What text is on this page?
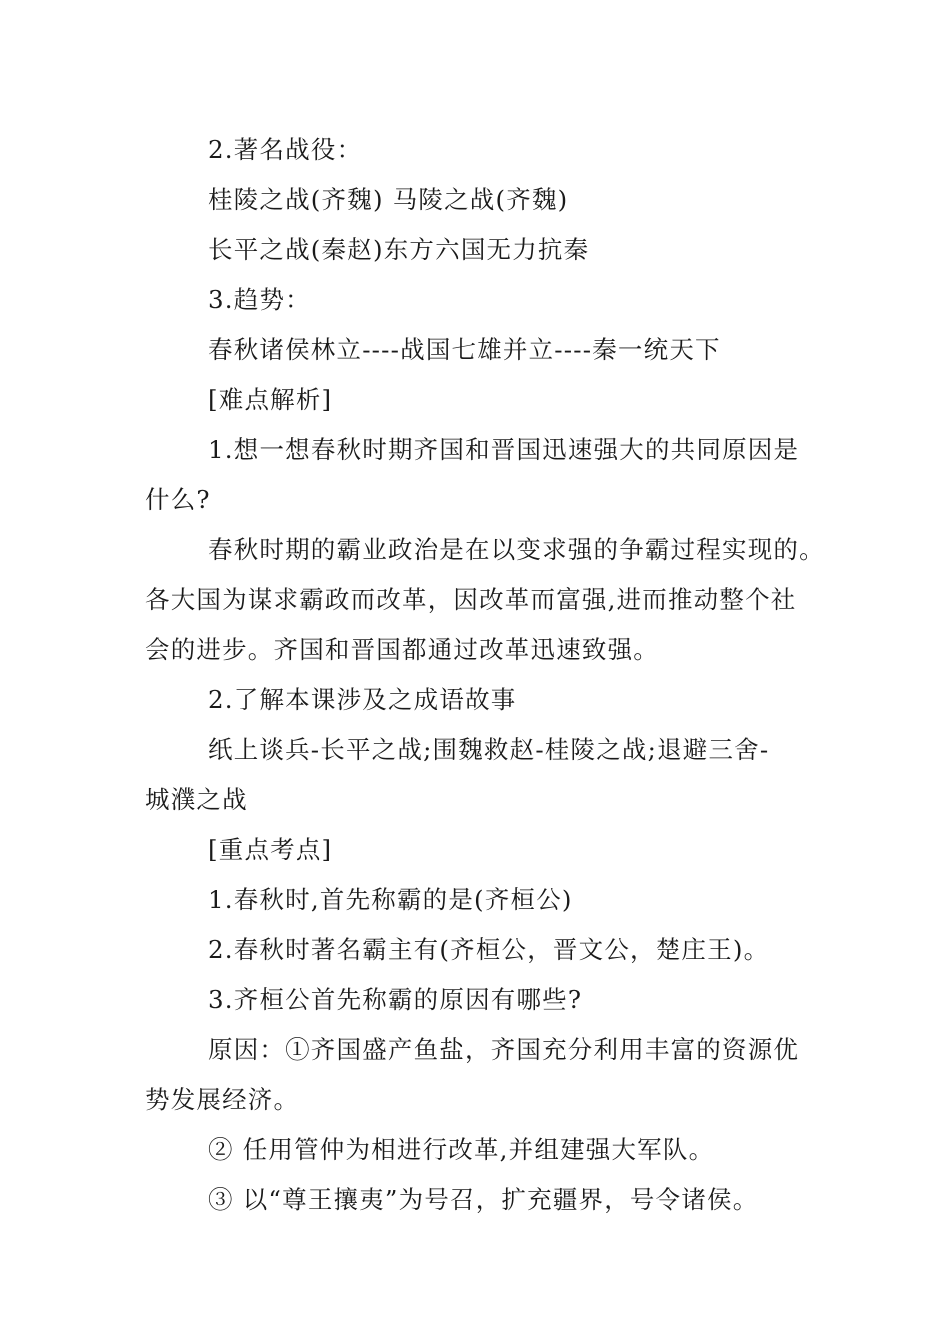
2.著名战役：
桂陵之战(齐魏) 马陵之战(齐魏)
长平之战(秦赵)东方六国无力抗秦
3.趋势：
春秋诸侯林立----战国七雄并立----秦一统天下
[难点解析]
1.想一想春秋时期齐国和晋国迅速强大的共同原因是
什么?
春秋时期的霸业政治是在以变求强的争霸过程实现的。
各大国为谋求霸政而改革，因改革而富强,进而推动整个社
会的进步。齐国和晋国都通过改革迅速致强。
2.了解本课涉及之成语故事
纸上谈兵-长平之战;围魏救赵-桂陵之战;退避三舍-
城濮之战
[重点考点]
1.春秋时,首先称霸的是(齐桓公)
2.春秋时著名霸主有(齐桓公，晋文公，楚庄王)。
3.齐桓公首先称霸的原因有哪些?
原因：①齐国盛产鱼盐，齐国充分利用丰富的资源优
势发展经济。
② 任用管仲为相进行改革,并组建强大军队。
③ 以“尊王攘夷”为号召，扩充疆界，号令诸侯。
